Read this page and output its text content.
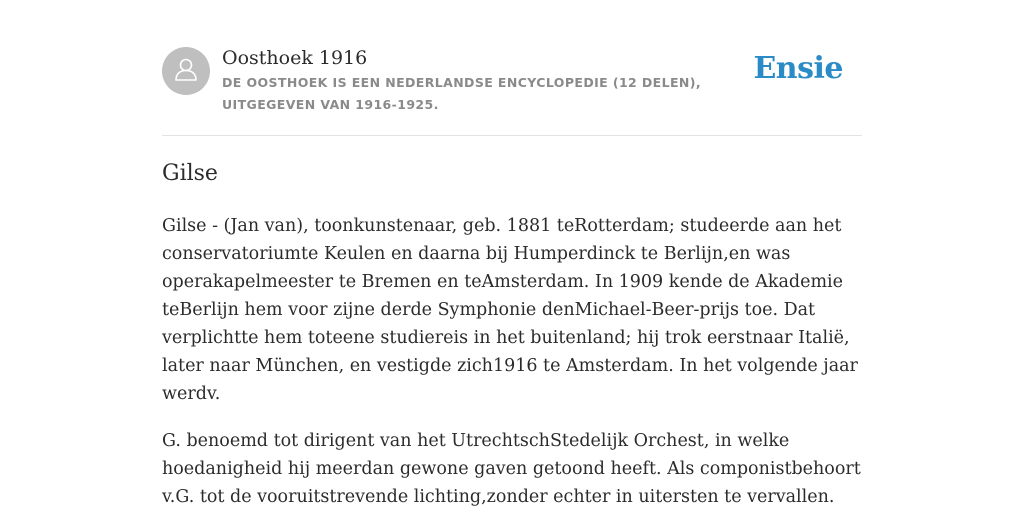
Oosthoek 1916
DE OOSTHOEK IS EEN NEDERLANDSE ENCYCLOPEDIE (12 DELEN), UITGEGEVEN VAN 1916-1925.
Ensie
Gilse

Gilse - (Jan van), toonkunstenaar, geb. 1881 teRotterdam; studeerde aan het conservatoriumte Keulen en daarna bij Humperdinck te Berlijn,en was operakapelmeester te Bremen en teAmsterdam. In 1909 kende de Akademie teBerlijn hem voor zijne derde Symphonie denMichael-Beer-prijs toe. Dat verplichtte hem toteene studiereis in het buitenland; hij trok eerstnaar Italië, later naar München, en vestigde zich1916 te Amsterdam. In het volgende jaar werdv.

G. benoemd tot dirigent van het UtrechtschStedelijk Orchest, in welke hoedanigheid hij meerdan gewone gaven getoond heeft. Als componistbehoort v.G. tot de vooruitstrevende lichting,zonder echter in uitersten te vervallen.
